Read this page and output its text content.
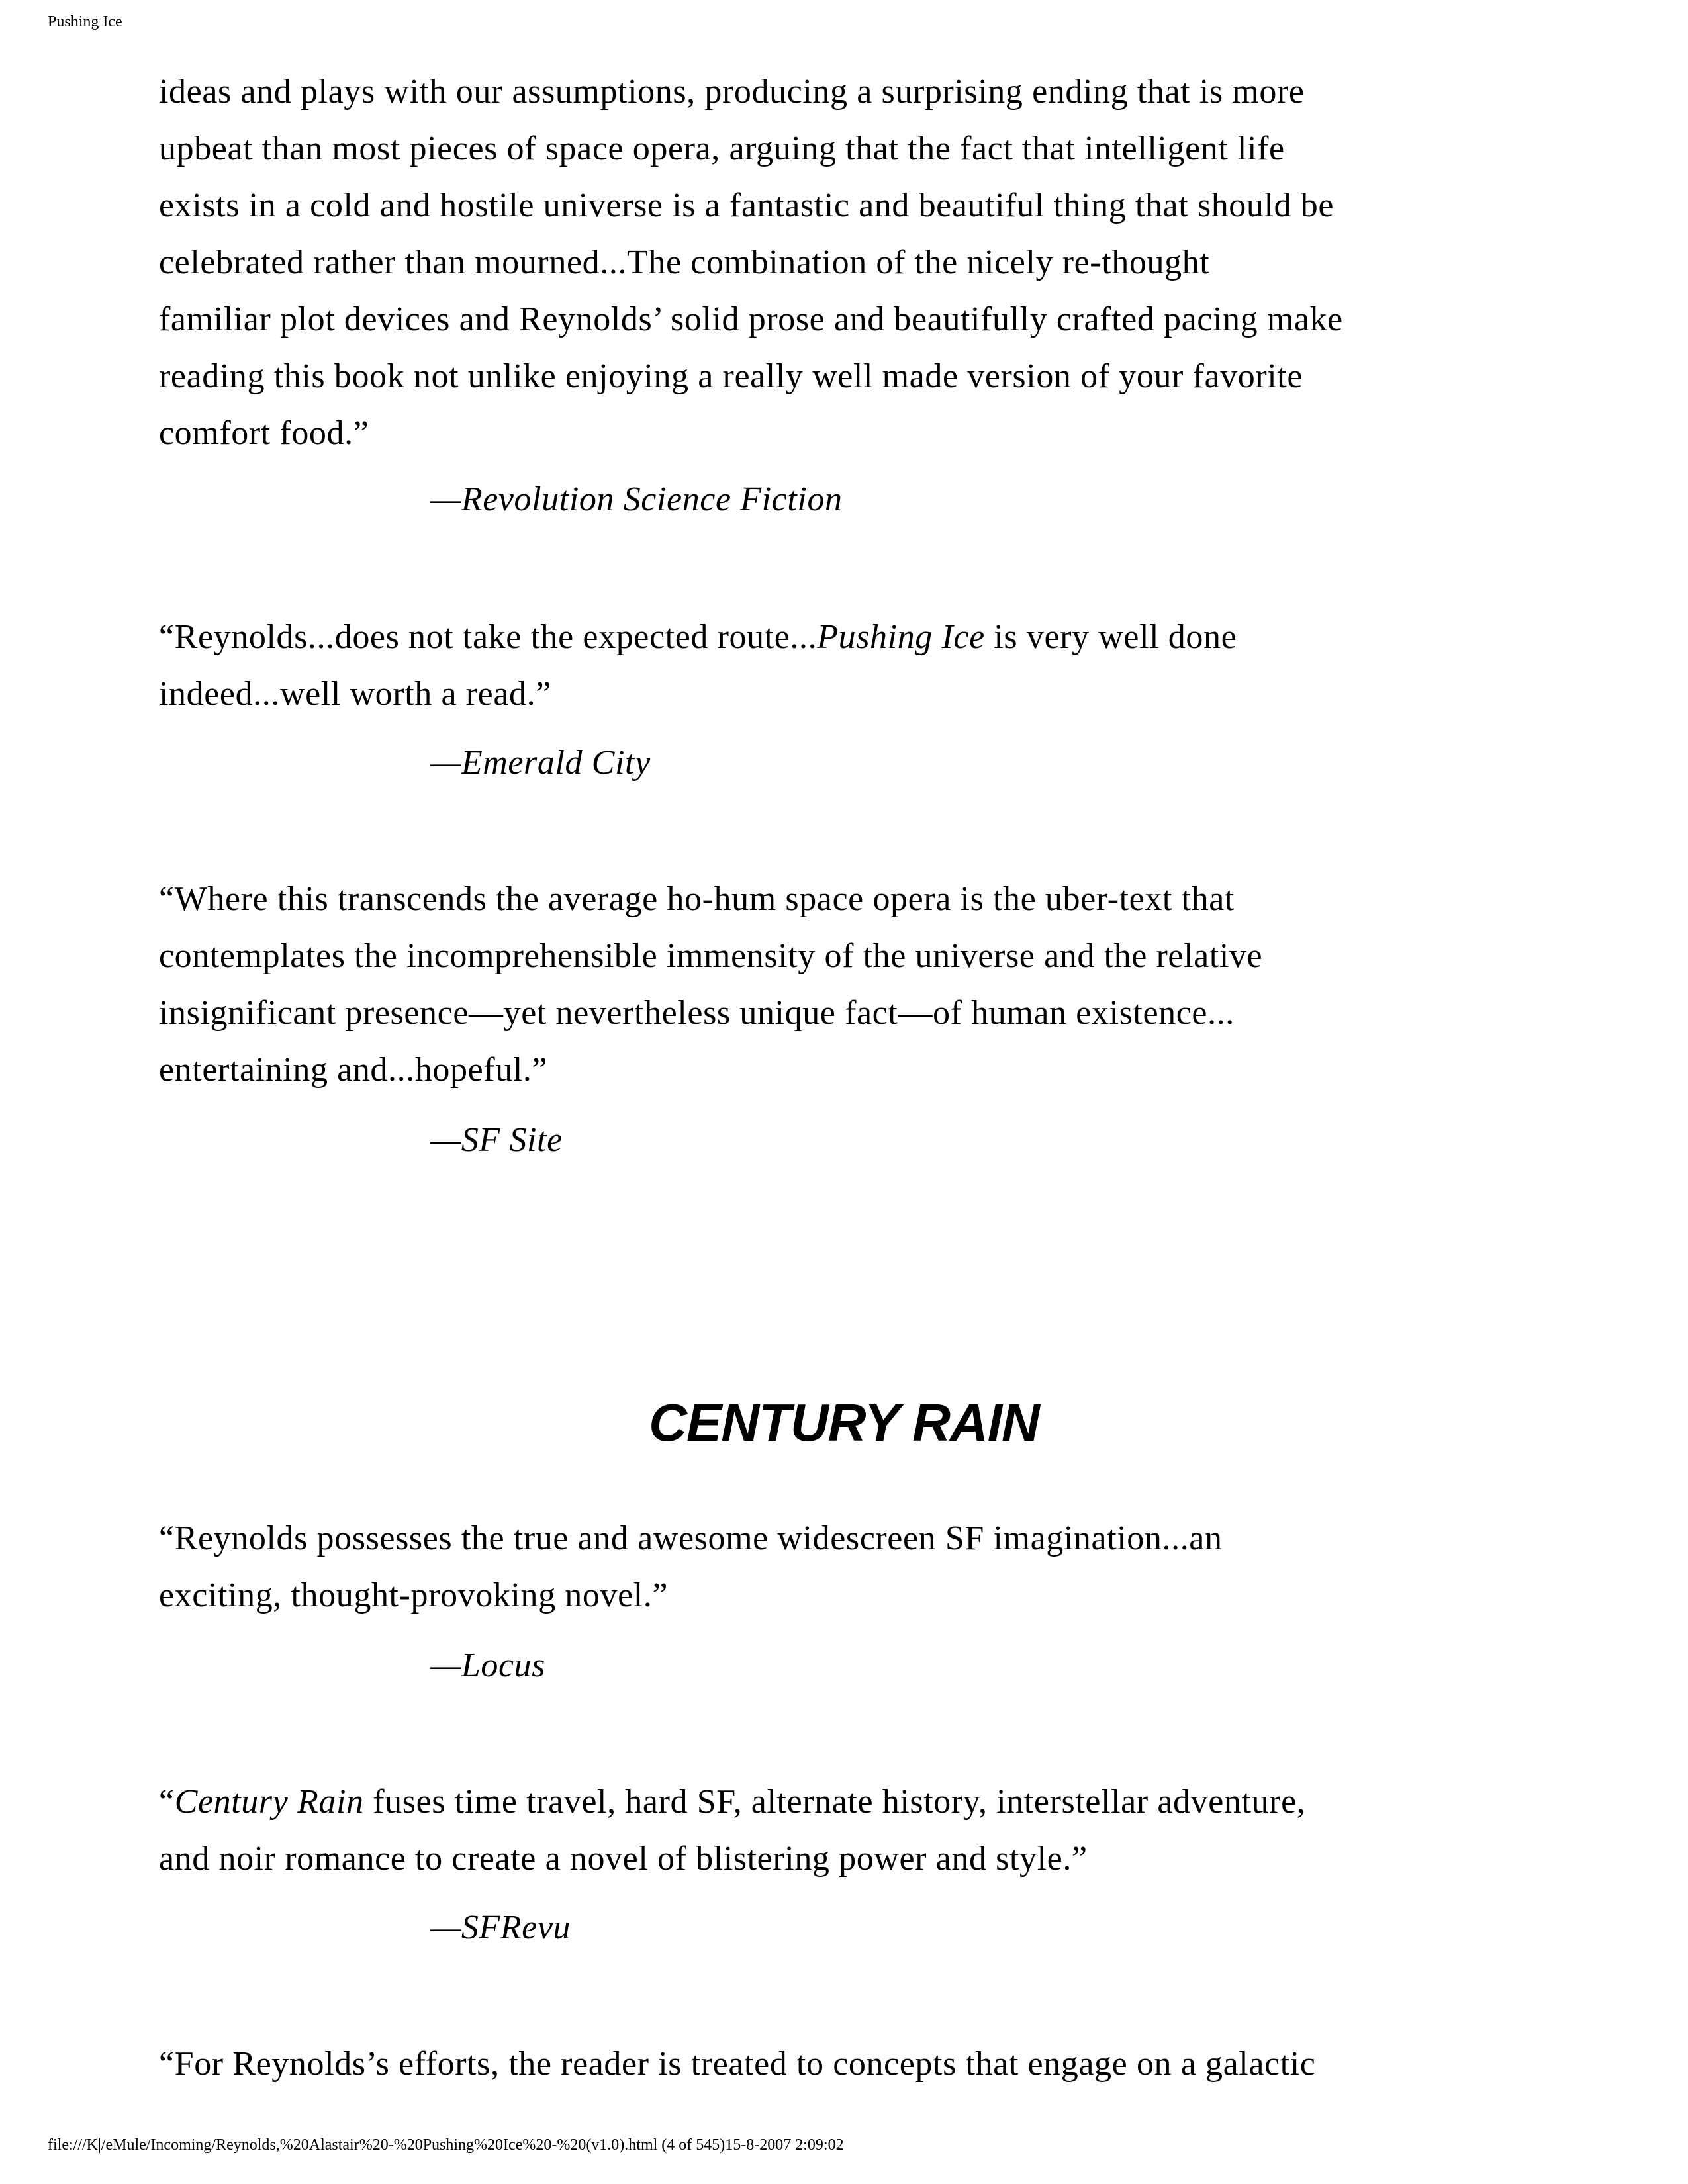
Pushing Ice

ideas and plays with our assumptions, producing a surprising ending that is more

upbeat than most pieces of space opera, arguing that the fact that intelligent life

exists in a cold and hostile universe is a fantastic and beautiful thing that should be

celebrated rather than mourned...The combination of the nicely re-thought

familiar plot devices and Reynolds’ solid prose and beautifully crafted pacing make

reading this book not unlike enjoying a really well made version of your favorite

comfort food.”

—Revolution Science Fiction

“Reynolds...does not take the expected route...Pushing Ice is very well done

indeed...well worth a read.”

—Emerald City

“Where this transcends the average ho-hum space opera is the uber-text that

contemplates the incomprehensible immensity of the universe and the relative

insignificant presence—yet nevertheless unique fact—of human existence...

entertaining and...hopeful.”

—SF Site
CENTURY RAIN

“Reynolds possesses the true and awesome widescreen SF imagination...an

exciting, thought-provoking novel.”

—Locus

“Century Rain fuses time travel, hard SF, alternate history, interstellar adventure,

and noir romance to create a novel of blistering power and style.”

—SFRevu

“For Reynolds’s efforts, the reader is treated to concepts that engage on a galactic

file:///K|/eMule/Incoming/Reynolds,%20Alastair%20-%20Pushing%20Ice%20-%20(v1.0).html (4 of 545)15-8-2007 2:09:02
